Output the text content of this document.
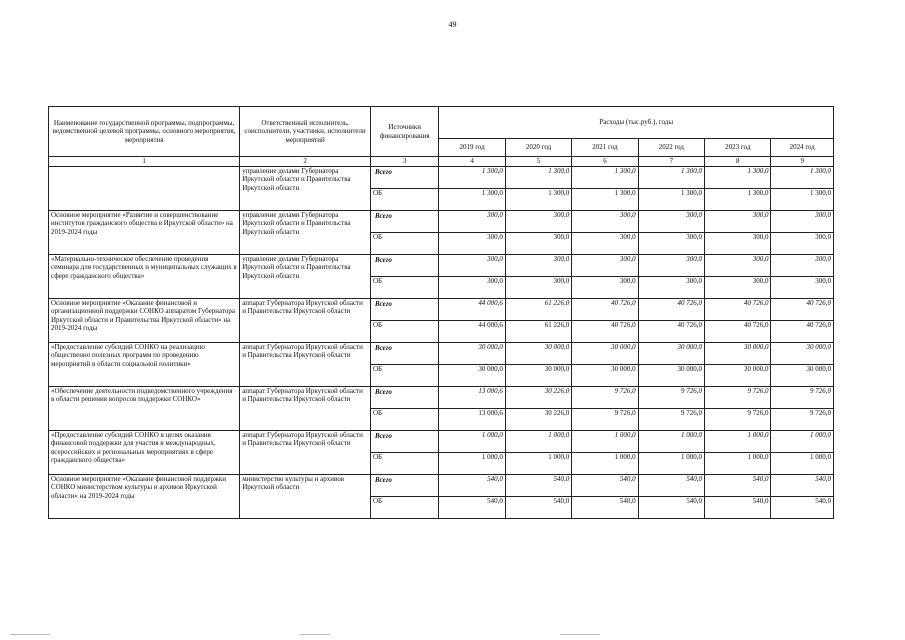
49
Наименование государственной программы, подпрограммы, ведомственной целевой программы, основного мероприятия, мероприятия	Ответственный исполнитель, соисполнители, участники, исполнители мероприятий	Источники финансирования	Расходы (тыс.руб.), годы					
			2019 год	2020 год	2021 год	2022 год	2023 год	2024 год
1	2	3	4	5	6	7	8	9
	управление делами Губернатора Иркутской области и Правительства Иркутской области	Всего	1 300,0	1 300,0	1 300,0	1 300,0	1 300,0	1 300,0
		ОБ	1 300,0	1 300,0	1 300,0	1 300,0	1 300,0	1 300,0
Основное мероприятие «Развитие и совершенствование институтов гражданского общества в Иркутской области» на 2019-2024 годы	управление делами Губернатора Иркутской области и Правительства Иркутской области	Всего	300,0	300,0	300,0	300,0	300,0	300,0
		ОБ	300,0	300,0	300,0	300,0	300,0	300,0
«Материально-техническое обеспечение проведения семинара для государственных и муниципальных служащих в сфере гражданского общества»	управление делами Губернатора Иркутской области и Правительства Иркутской области	Всего	300,0	300,0	300,0	300,0	300,0	300,0
		ОБ	300,0	300,0	300,0	300,0	300,0	300,0
Основное мероприятие «Оказание финансовой и организационной поддержки СОНКО аппаратом Губернатора Иркутской области и Правительства Иркутской области» на 2019-2024 годы	аппарат Губернатора Иркутской области и Правительства Иркутской области	Всего	44 000,6	61 226,0	40 726,0	40 726,0	40 726,0	40 726,0
		ОБ	44 000,6	61 226,0	40 726,0	40 726,0	40 726,0	40 726,0
«Предоставление субсидий СОНКО на реализацию общественно полезных программ по проведению мероприятий в области социальной политики»	аппарат Губернатора Иркутской области и Правительства Иркутской области	Всего	30 000,0	30 000,0	30 000,0	30 000,0	30 000,0	30 000,0
		ОБ	30 000,0	30 000,0	30 000,0	30 000,0	30 000,0	30 000,0
«Обеспечение деятельности подведомственного учреждения в области решения вопросов поддержки СОНКО»	аппарат Губернатора Иркутской области и Правительства Иркутской области	Всего	13 000,6	30 226,0	9 726,0	9 726,0	9 726,0	9 726,0
		ОБ	13 000,6	30 226,0	9 726,0	9 726,0	9 726,0	9 726,0
«Предоставление субсидий СОНКО в целях оказания финансовой поддержки для участия в международных, всероссийских и региональных мероприятиях в сфере гражданского общества»	аппарат Губернатора Иркутской области и Правительства Иркутской области	Всего	1 000,0	1 000,0	1 000,0	1 000,0	1 000,0	1 000,0
		ОБ	1 000,0	1 000,0	1 000,0	1 000,0	1 000,0	1 000,0
Основное мероприятие «Оказание финансовой поддержки СОНКО министерством культуры и архивов Иркутской области» на 2019-2024 годы	министерство культуры и архивов Иркутской области	Всего	540,0	540,0	540,0	540,0	540,0	540,0
		ОБ	540,0	540,0	540,0	540,0	540,0	540,0
